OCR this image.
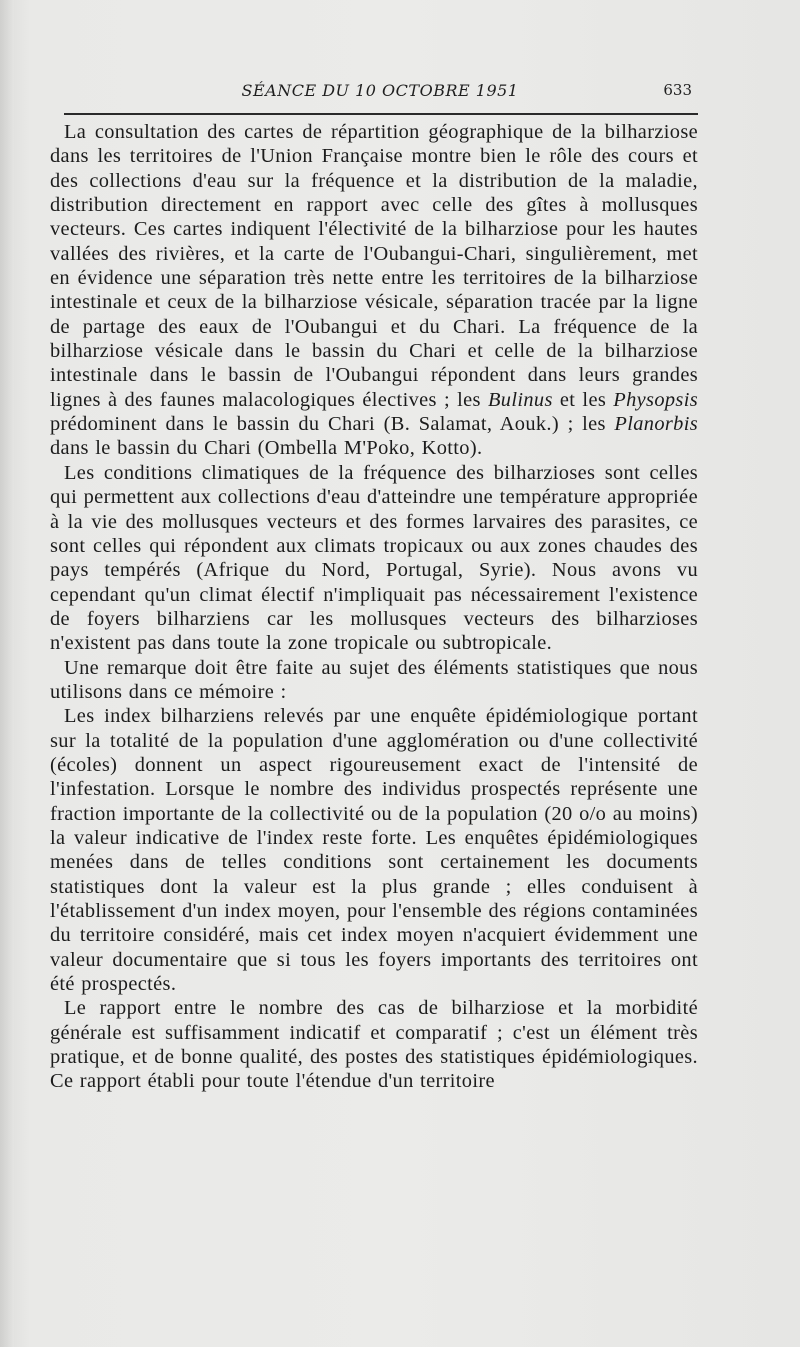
SÉANCE DU 10 OCTOBRE 1951	633

La consultation des cartes de répartition géographique de la bilharziose dans les territoires de l'Union Française montre bien le rôle des cours et des collections d'eau sur la fréquence et la distribution de la maladie, distribution directement en rapport avec celle des gîtes à mollusques vecteurs. Ces cartes indiquent l'électivité de la bilharziose pour les hautes vallées des rivières, et la carte de l'Oubangui-Chari, singulièrement, met en évidence une séparation très nette entre les territoires de la bilharziose intestinale et ceux de la bilharziose vésicale, séparation tracée par la ligne de partage des eaux de l'Oubangui et du Chari. La fréquence de la bilharziose vésicale dans le bassin du Chari et celle de la bilharziose intestinale dans le bassin de l'Oubangui répondent dans leurs grandes lignes à des faunes malacologiques électives ; les Bulinus et les Physopsis prédominent dans le bassin du Chari (B. Salamat, Aouk.) ; les Planorbis dans le bassin du Chari (Ombella M'Poko, Kotto).

Les conditions climatiques de la fréquence des bilharzioses sont celles qui permettent aux collections d'eau d'atteindre une température appropriée à la vie des mollusques vecteurs et des formes larvaires des parasites, ce sont celles qui répondent aux climats tropicaux ou aux zones chaudes des pays tempérés (Afrique du Nord, Portugal, Syrie). Nous avons vu cependant qu'un climat électif n'impliquait pas nécessairement l'existence de foyers bilharziens car les mollusques vecteurs des bilharzioses n'existent pas dans toute la zone tropicale ou subtropicale.

Une remarque doit être faite au sujet des éléments statistiques que nous utilisons dans ce mémoire :

Les index bilharziens relevés par une enquête épidémiologique portant sur la totalité de la population d'une agglomération ou d'une collectivité (écoles) donnent un aspect rigoureusement exact de l'intensité de l'infestation. Lorsque le nombre des individus prospectés représente une fraction importante de la collectivité ou de la population (20 o/o au moins) la valeur indicative de l'index reste forte. Les enquêtes épidémiologiques menées dans de telles conditions sont certainement les documents statistiques dont la valeur est la plus grande ; elles conduisent à l'établissement d'un index moyen, pour l'ensemble des régions contaminées du territoire considéré, mais cet index moyen n'acquiert évidemment une valeur documentaire que si tous les foyers importants des territoires ont été prospectés.

Le rapport entre le nombre des cas de bilharziose et la morbidité générale est suffisamment indicatif et comparatif ; c'est un élément très pratique, et de bonne qualité, des postes des statistiques épidémiologiques. Ce rapport établi pour toute l'étendue d'un territoire
